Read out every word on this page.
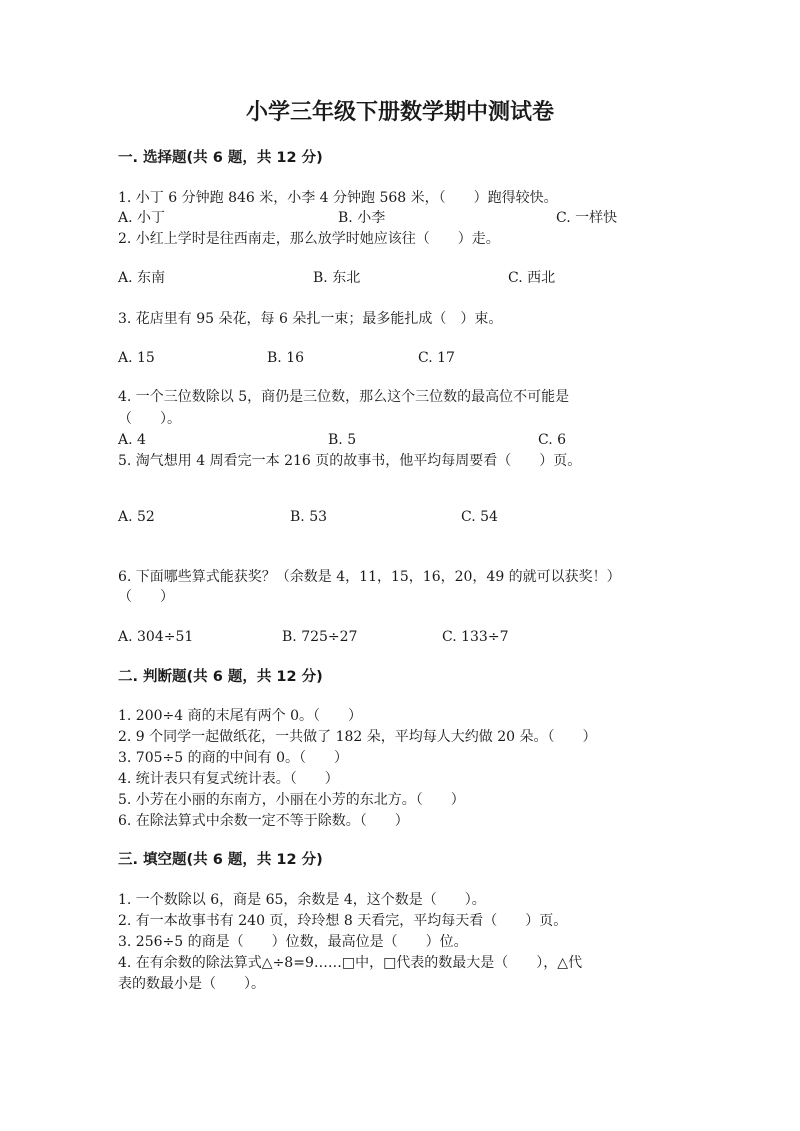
小学三年级下册数学期中测试卷
一. 选择题(共 6 题，共 12 分)
1. 小丁 6 分钟跑 846 米，小李 4 分钟跑 568 米，（　　）跑得较快。
A. 小丁	B. 小李	C. 一样快
2. 小红上学时是往西南走，那么放学时她应该往（　　）走。
A. 东南	B. 东北	C. 西北
3. 花店里有 95 朵花，每 6 朵扎一束；最多能扎成（　）束。
A. 15	B. 16	C. 17
4. 一个三位数除以 5，商仍是三位数，那么这个三位数的最高位不可能是
（　　）。
A. 4	B. 5	C. 6
5. 淘气想用 4 周看完一本 216 页的故事书，他平均每周要看（　　）页。
A. 52	B. 53	C. 54
6. 下面哪些算式能获奖？（余数是 4，11，15，16，20，49 的就可以获奖！）
（　　）
A. 304÷51	B. 725÷27	C. 133÷7
二. 判断题(共 6 题，共 12 分)
1. 200÷4 商的末尾有两个 0。（　　）
2. 9 个同学一起做纸花，一共做了 182 朵，平均每人大约做 20 朵。（　　）
3. 705÷5 的商的中间有 0。（　　）
4. 统计表只有复式统计表。（　　）
5. 小芳在小丽的东南方，小丽在小芳的东北方。（　　）
6. 在除法算式中余数一定不等于除数。（　　）
三. 填空题(共 6 题，共 12 分)
1. 一个数除以 6，商是 65，余数是 4，这个数是（　　）。
2. 有一本故事书有 240 页，玲玲想 8 天看完，平均每天看（　　）页。
3. 256÷5 的商是（　　）位数，最高位是（　　）位。
4. 在有余数的除法算式△÷8=9……□中，□代表的数最大是（　　），△代
表的数最小是（　　）。
